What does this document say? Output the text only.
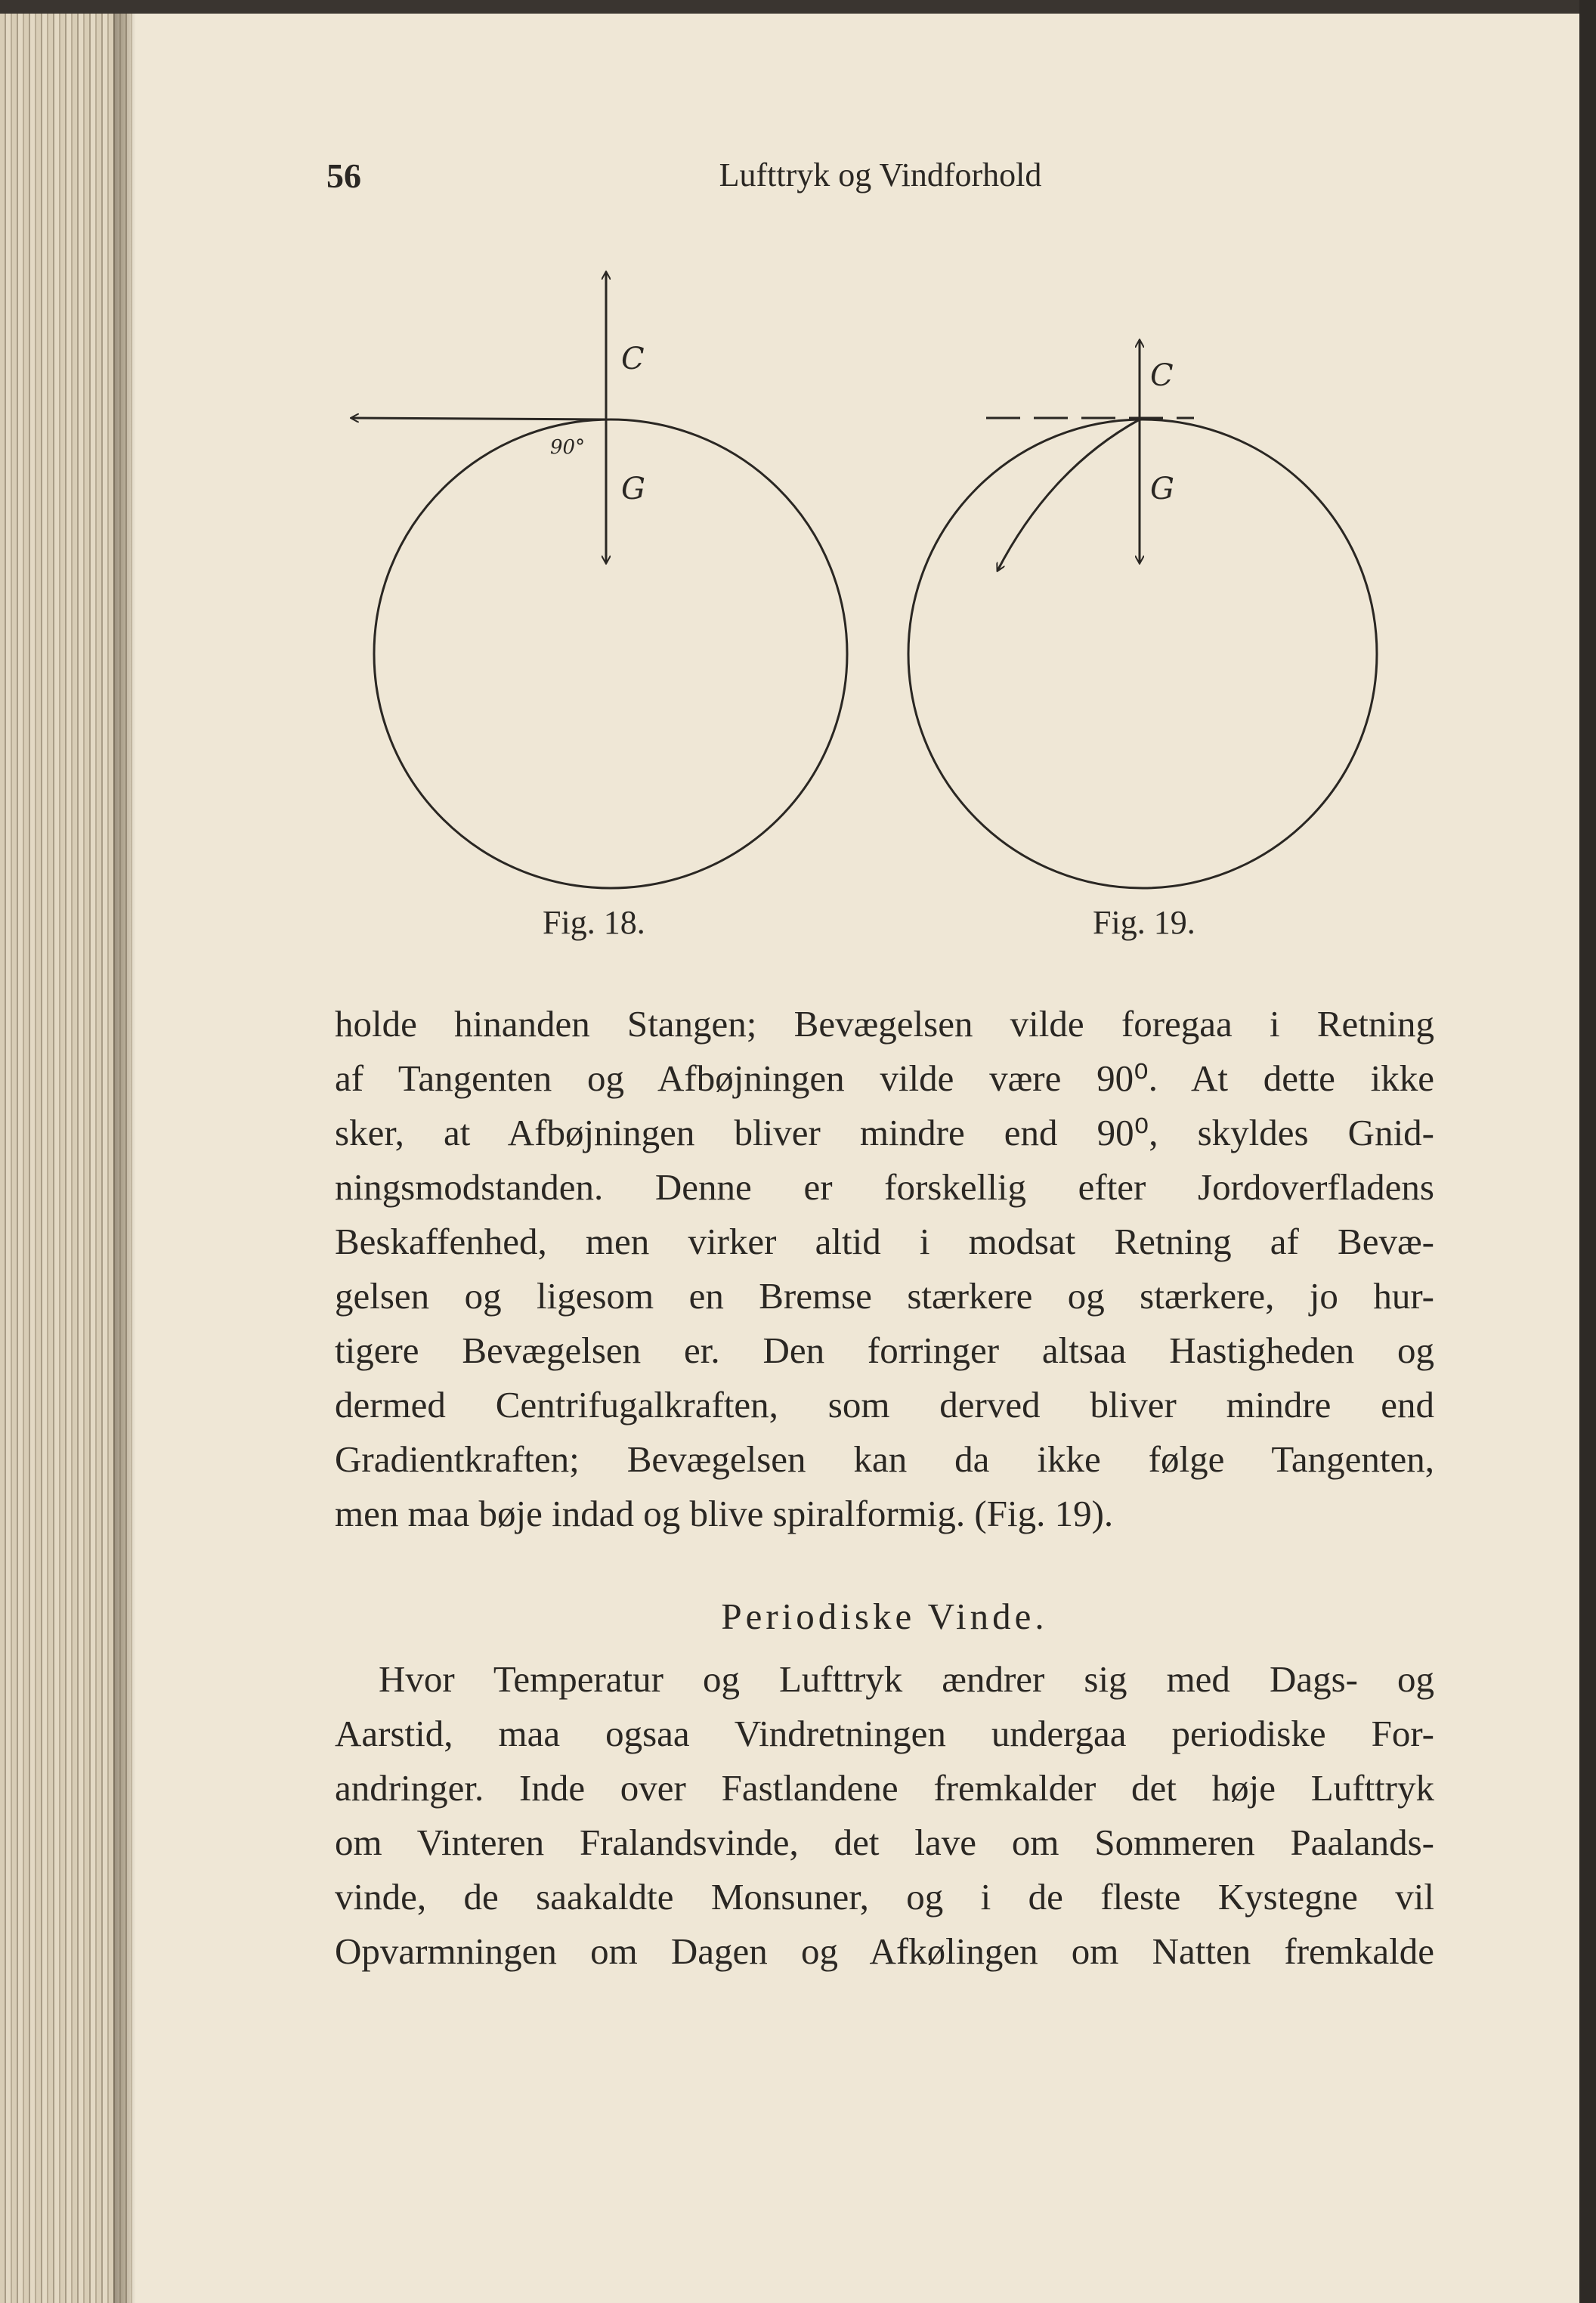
56	Lufttryk og Vindforhold
C
G
90°
C
G
Fig. 18.	Fig. 19.
holde hinanden Stangen; Bevægelsen vilde foregaa i Retning
af Tangenten og Afbøjningen vilde være 90⁰. At dette ikke
sker, at Afbøjningen bliver mindre end 90⁰, skyldes Gnid-
ningsmodstanden. Denne er forskellig efter Jordoverfladens
Beskaffenhed, men virker altid i modsat Retning af Bevæ-
gelsen og ligesom en Bremse stærkere og stærkere, jo hur-
tigere Bevægelsen er. Den forringer altsaa Hastigheden og
dermed Centrifugalkraften, som derved bliver mindre end
Gradientkraften; Bevægelsen kan da ikke følge Tangenten,
men maa bøje indad og blive spiralformig. (Fig. 19).
Periodiske Vinde.
Hvor Temperatur og Lufttryk ændrer sig med Dags- og
Aarstid, maa ogsaa Vindretningen undergaa periodiske For-
andringer. Inde over Fastlandene fremkalder det høje Lufttryk
om Vinteren Fralandsvinde, det lave om Sommeren Paalands-
vinde, de saakaldte Monsuner, og i de fleste Kystegne vil
Opvarmningen om Dagen og Afkølingen om Natten fremkalde
